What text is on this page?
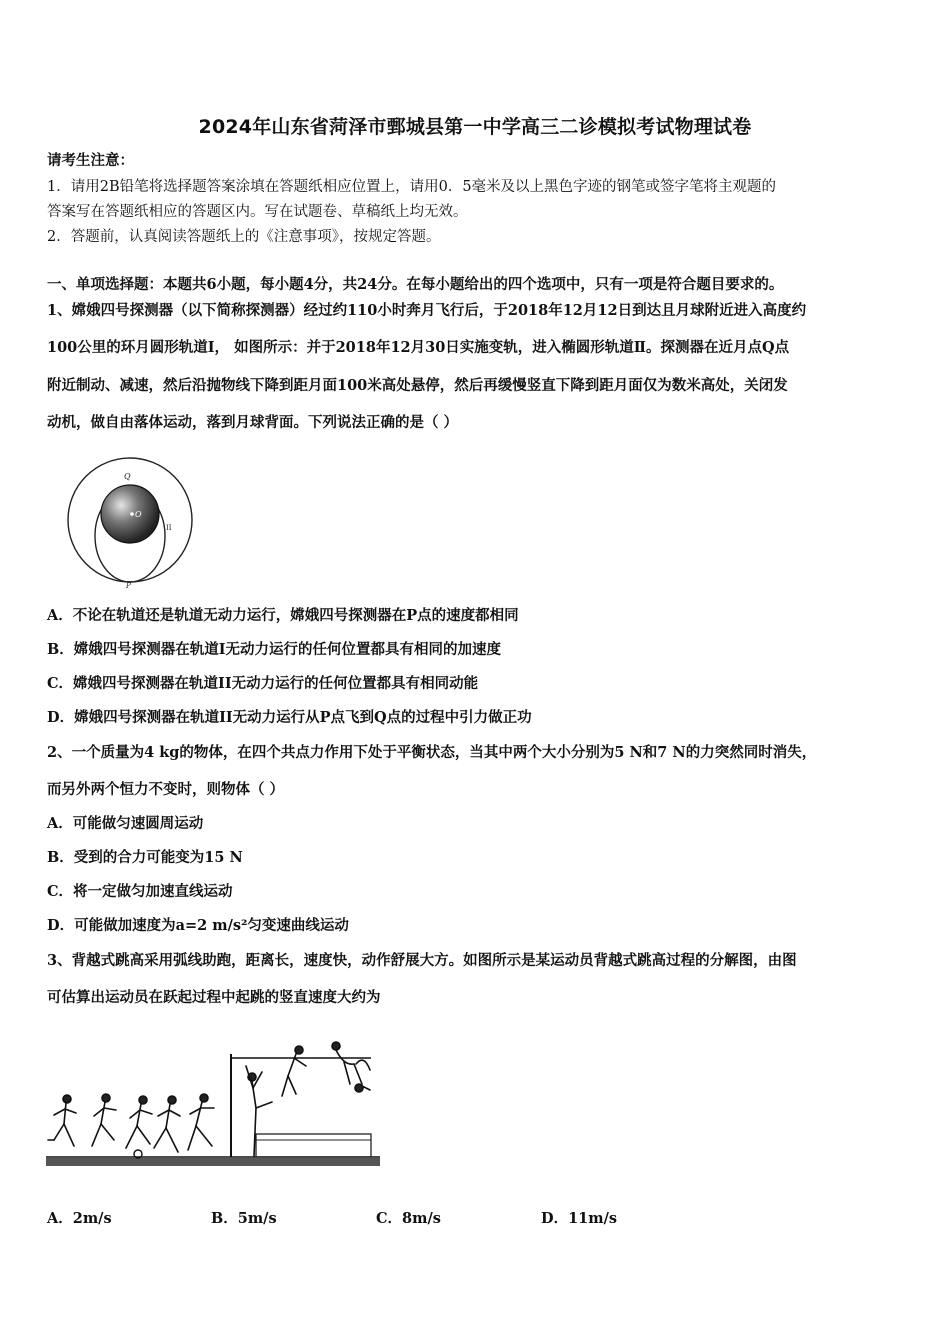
2024年山东省菏泽市鄄城县第一中学高三二诊模拟考试物理试卷
请考生注意：
1．请用2B铅笔将选择题答案涂填在答题纸相应位置上，请用0．5毫米及以上黑色字迹的钢笔或签字笔将主观题的
答案写在答题纸相应的答题区内。写在试题卷、草稿纸上均无效。
2．答题前，认真阅读答题纸上的《注意事项》，按规定答题。
一、单项选择题：本题共6小题，每小题4分，共24分。在每小题给出的四个选项中，只有一项是符合题目要求的。
1、嫦娥四号探测器（以下简称探测器）经过约110小时奔月飞行后，于2018年12月12日到达且月球附近进入高度约
100公里的环月圆形轨道Ⅰ， 如图所示：并于2018年12月30日实施变轨，进入椭圆形轨道Ⅱ。探测器在近月点Q点
附近制动、减速，然后沿抛物线下降到距月面100米高处悬停，然后再缓慢竖直下降到距月面仅为数米高处，关闭发
动机，做自由落体运动，落到月球背面。下列说法正确的是（ ）
Q
O
II
P
A．不论在轨道还是轨道无动力运行，嫦娥四号探测器在P点的速度都相同
B．嫦娥四号探测器在轨道I无动力运行的任何位置都具有相同的加速度
C．嫦娥四号探测器在轨道II无动力运行的任何位置都具有相同动能
D．嫦娥四号探测器在轨道II无动力运行从P点飞到Q点的过程中引力做正功
2、一个质量为4 kg的物体，在四个共点力作用下处于平衡状态，当其中两个大小分别为5 N和7 N的力突然同时消失，
而另外两个恒力不变时，则物体（ ）
A．可能做匀速圆周运动
B．受到的合力可能变为15 N
C．将一定做匀加速直线运动
D．可能做加速度为a=2 m/s²匀变速曲线运动
3、背越式跳高采用弧线助跑，距离长，速度快，动作舒展大方。如图所示是某运动员背越式跳高过程的分解图，由图
可估算出运动员在跃起过程中起跳的竖直速度大约为
A．2m/s	B．5m/s	C．8m/s	D．11m/s
